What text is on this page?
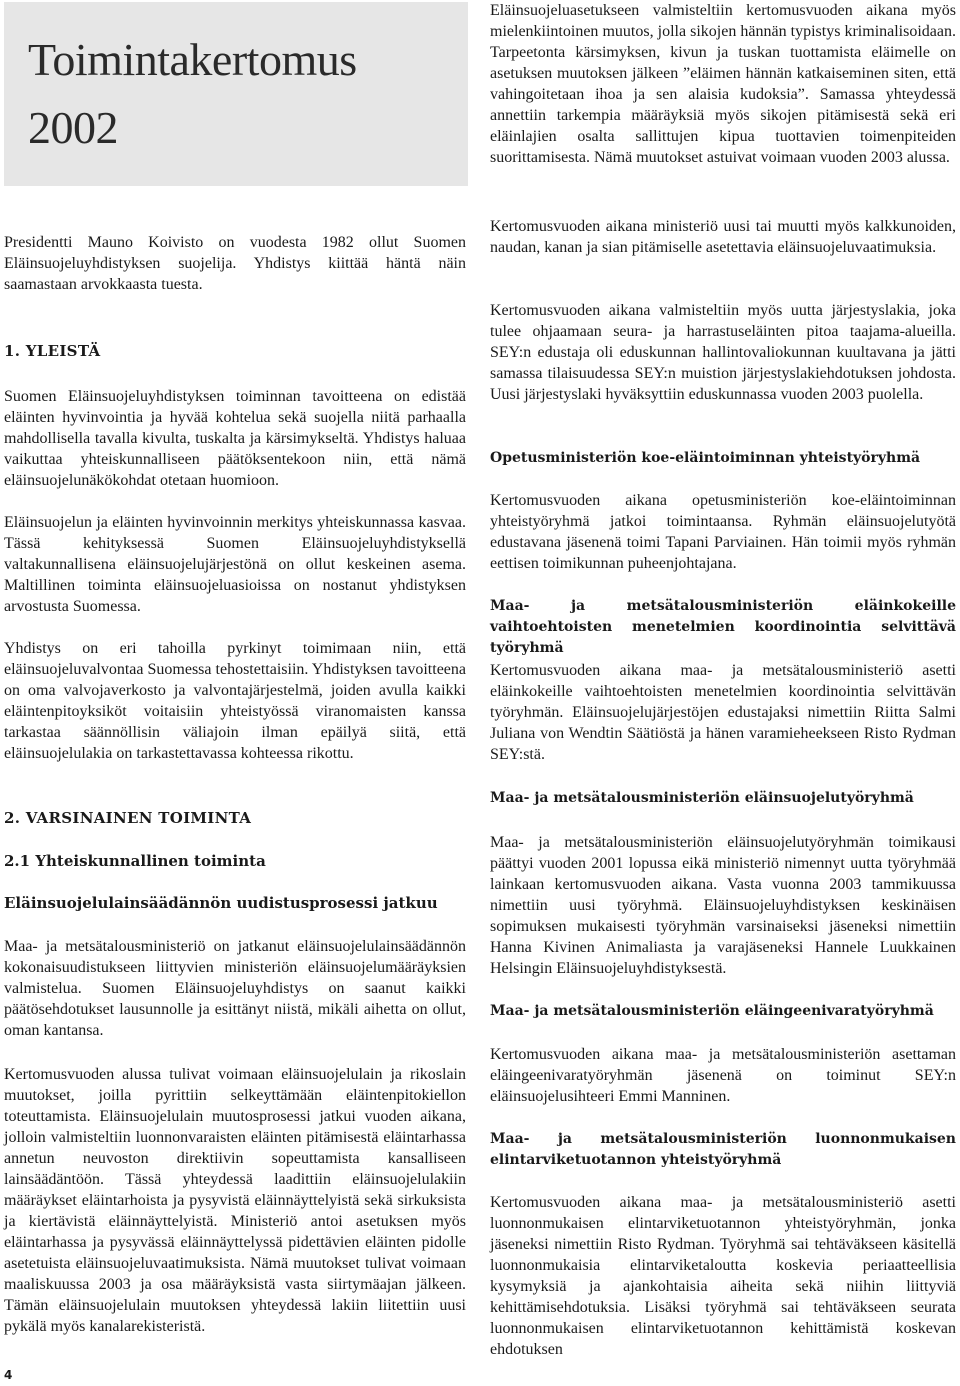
Toimintakertomus
2002

Presidentti Mauno Koivisto on vuodesta 1982 ollut Suomen Eläinsuojeluyhdistyksen suojelija. Yhdistys kiittää häntä näin saamastaan arvokkaasta tuesta.

1. YLEISTÄ

Suomen Eläinsuojeluyhdistyksen toiminnan tavoitteena on edistää eläinten hyvinvointia ja hyvää kohtelua sekä suojella niitä parhaalla mahdollisella tavalla kivulta, tuskalta ja kärsimykseltä. Yhdistys haluaa vaikuttaa yhteiskunnalliseen päätöksentekoon niin, että nämä eläinsuojelunäkökohdat otetaan huomioon.

Eläinsuojelun ja eläinten hyvinvoinnin merkitys yhteiskunnassa kasvaa. Tässä kehityksessä Suomen Eläinsuojeluyhdistyksellä valtakunnallisena eläinsuojelujärjestönä on ollut keskeinen asema. Maltillinen toiminta eläinsuojeluasioissa on nostanut yhdistyksen arvostusta Suomessa.

Yhdistys on eri tahoilla pyrkinyt toimimaan niin, että eläinsuojeluvalvontaa Suomessa tehostettaisiin. Yhdistyksen tavoitteena on oma valvojaverkosto ja valvontajärjestelmä, joiden avulla kaikki eläintenpitoyksiköt voitaisiin yhteistyössä viranomaisten kanssa tarkastaa säännöllisin väliajoin ilman epäilyä siitä, että eläinsuojelulakia on tarkastettavassa kohteessa rikottu.

2. VARSINAINEN TOIMINTA
2.1 Yhteiskunnallinen toiminta
Eläinsuojelulainsäädännön uudistusprosessi jatkuu

Maa- ja metsätalousministeriö on jatkanut eläinsuojelulainsäädännön kokonaisuudistukseen liittyvien ministeriön eläinsuojelumääräyksien valmistelua. Suomen Eläinsuojeluyhdistys on saanut kaikki päätösehdotukset lausunnolle ja esittänyt niistä, mikäli aihetta on ollut, oman kantansa.

Kertomusvuoden alussa tulivat voimaan eläinsuojelulain ja rikoslain muutokset, joilla pyrittiin selkeyttämään eläintenpitokiellon toteuttamista. Eläinsuojelulain muutosprosessi jatkui vuoden aikana, jolloin valmisteltiin luonnonvaraisten eläinten pitämisestä eläintarhassa annetun neuvoston direktiivin sopeuttamista kansalliseen lainsäädäntöön. Tässä yhteydessä laadittiin eläinsuojelulakiin määräykset eläintarhoista ja pysyvistä eläinnäyttelyistä sekä sirkuksista ja kiertävistä eläinnäyttelyistä. Ministeriö antoi asetuksen myös eläintarhassa ja pysyvässä eläinnäyttelyssä pidettävien eläinten pidolle asetetuista eläinsuojeluvaatimuksista. Nämä muutokset tulivat voimaan maaliskuussa 2003 ja osa määräyksistä vasta siirtymäajan jälkeen. Tämän eläinsuojelulain muutoksen yhteydessä lakiin liitettiin uusi pykälä myös kanalarekisteristä.

Eläinsuojeluasetukseen valmisteltiin kertomusvuoden aikana myös mielenkiintoinen muutos, jolla sikojen hännän typistys kriminalisoidaan. Tarpeetonta kärsimyksen, kivun ja tuskan tuottamista eläimelle on asetuksen muutoksen jälkeen ”eläimen hännän katkaiseminen siten, että vahingoitetaan ihoa ja sen alaisia kudoksia”. Samassa yhteydessä annettiin tarkempia määräyksiä myös sikojen pitämisestä sekä eri eläinlajien osalta sallittujen kipua tuottavien toimenpiteiden suorittamisesta. Nämä muutokset astuivat voimaan vuoden 2003 alussa.

Kertomusvuoden aikana ministeriö uusi tai muutti myös kalkkunoiden, naudan, kanan ja sian pitämiselle asetettavia eläinsuojeluvaatimuksia.

Kertomusvuoden aikana valmisteltiin myös uutta järjestyslakia, joka tulee ohjaamaan seura- ja harrastuseläinten pitoa taajama-alueilla. SEY:n edustaja oli eduskunnan hallintovaliokunnan kuultavana ja jätti samassa tilaisuudessa SEY:n muistion järjestyslakiehdotuksen johdosta. Uusi järjestyslaki hyväksyttiin eduskunnassa vuoden 2003 puolella.

Opetusministeriön koe-eläintoiminnan yhteistyöryhmä

Kertomusvuoden aikana opetusministeriön koe-eläintoiminnan yhteistyöryhmä jatkoi toimintaansa. Ryhmän eläinsuojelutyötä edustavana jäsenenä toimi Tapani Parviainen. Hän toimii myös ryhmän eettisen toimikunnan puheenjohtajana.

Maa- ja metsätalousministeriön eläinkokeille vaihtoehtoisten menetelmien koordinointia selvittävä työryhmä

Kertomusvuoden aikana maa- ja metsätalousministeriö asetti eläinkokeille vaihtoehtoisten menetelmien koordinointia selvittävän työryhmän. Eläinsuojelujärjestöjen edustajaksi nimettiin Riitta Salmi Juliana von Wendtin Säätiöstä ja hänen varamieheekseen Risto Rydman SEY:stä.

Maa- ja metsätalousministeriön eläinsuojelutyöryhmä

Maa- ja metsätalousministeriön eläinsuojelutyöryhmän toimikausi päättyi vuoden 2001 lopussa eikä ministeriö nimennyt uutta työryhmää lainkaan kertomusvuoden aikana. Vasta vuonna 2003 tammikuussa nimettiin uusi työryhmä. Eläinsuojeluyhdistyksen keskinäisen sopimuksen mukaisesti työryhmän varsinaiseksi jäseneksi nimettiin Hanna Kivinen Animaliasta ja varajäseneksi Hannele Luukkainen Helsingin Eläinsuojeluyhdistyksestä.

Maa- ja metsätalousministeriön eläingeenivaratyöryhmä

Kertomusvuoden aikana maa- ja metsätalousministeriön asettaman eläingeenivaratyöryhmän jäsenenä on toiminut SEY:n eläinsuojelusihteeri Emmi Manninen.

Maa- ja metsätalousministeriön luonnonmukaisen elintarviketuotannon yhteistyöryhmä

Kertomusvuoden aikana maa- ja metsätalousministeriö asetti luonnonmukaisen elintarviketuotannon yhteistyöryhmän, jonka jäseneksi nimettiin Risto Rydman. Työryhmä sai tehtäväkseen käsitellä luonnonmukaisia elintarviketaloutta koskevia periaatteellisia kysymyksiä ja ajankohtaisia aiheita sekä niihin liittyviä kehittämisehdotuksia. Lisäksi työryhmä sai tehtäväkseen seurata luonnonmukaisen elintarviketuotannon kehittämistä koskevan ehdotuksen

4
